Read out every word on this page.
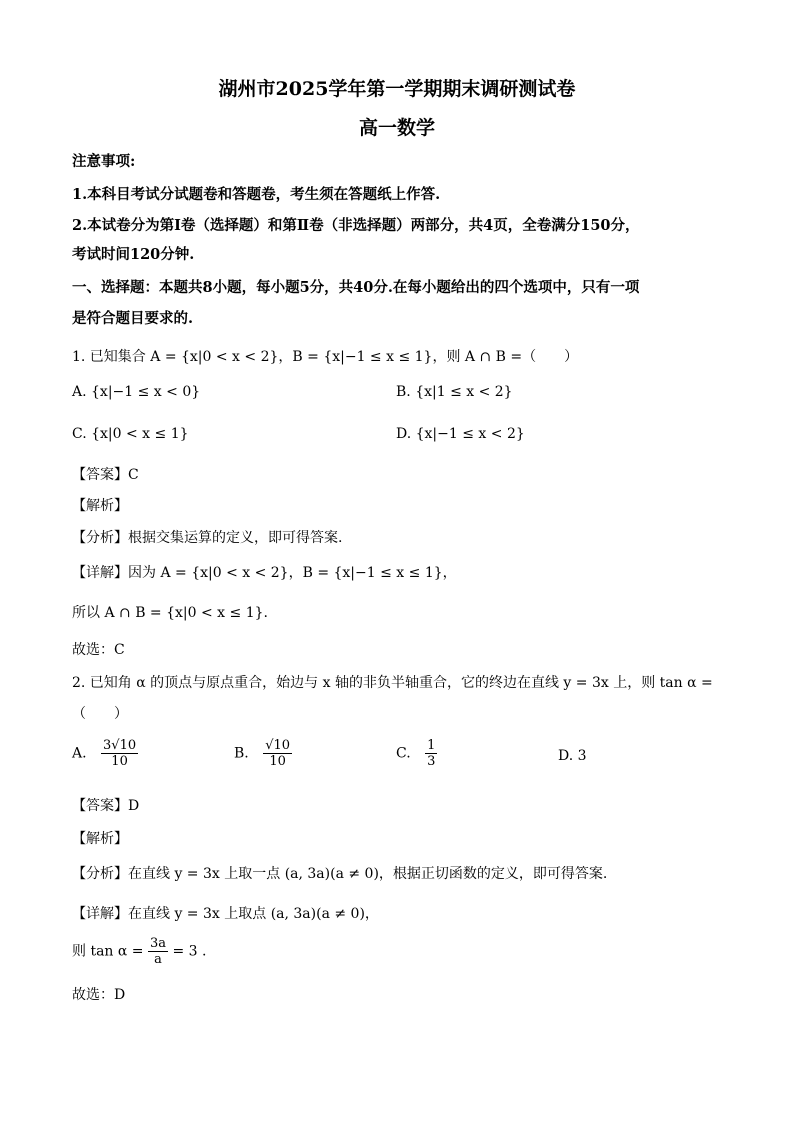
湖州市2025学年第一学期期末调研测试卷
高一数学
注意事项:
1.本科目考试分试题卷和答题卷，考生须在答题纸上作答.
2.本试卷分为第Ⅰ卷（选择题）和第Ⅱ卷（非选择题）两部分，共4页，全卷满分150分，
考试时间120分钟.
一、选择题：本题共8小题，每小题5分，共40分.在每小题给出的四个选项中，只有一项
是符合题目要求的.
1. 已知集合 A = {x|0 < x < 2}，B = {x|−1 ≤ x ≤ 1}，则 A ∩ B =（　　）
A. {x|−1 ≤ x < 0}	B. {x|1 ≤ x < 2}
C. {x|0 < x ≤ 1}	D. {x|−1 ≤ x < 2}
【答案】C
【解析】
【分析】根据交集运算的定义，即可得答案.
【详解】因为 A = {x|0 < x < 2}，B = {x|−1 ≤ x ≤ 1}，
所以 A ∩ B = {x|0 < x ≤ 1}.
故选：C
2. 已知角 α 的顶点与原点重合，始边与 x 轴的非负半轴重合，它的终边在直线 y = 3x 上，则 tan α =
（　　）
A. $\frac{3√10}{10}$	B. $\frac{√10}{10}$	C. $\frac{1}{3}$	D. 3
【答案】D
【解析】
【分析】在直线 y = 3x 上取一点 (a, 3a)(a ≠ 0)，根据正切函数的定义，即可得答案.
【详解】在直线 y = 3x 上取点 (a, 3a)(a ≠ 0)，
则 $\tan \alpha = \frac{3a}{a} = 3$ .
故选：D
